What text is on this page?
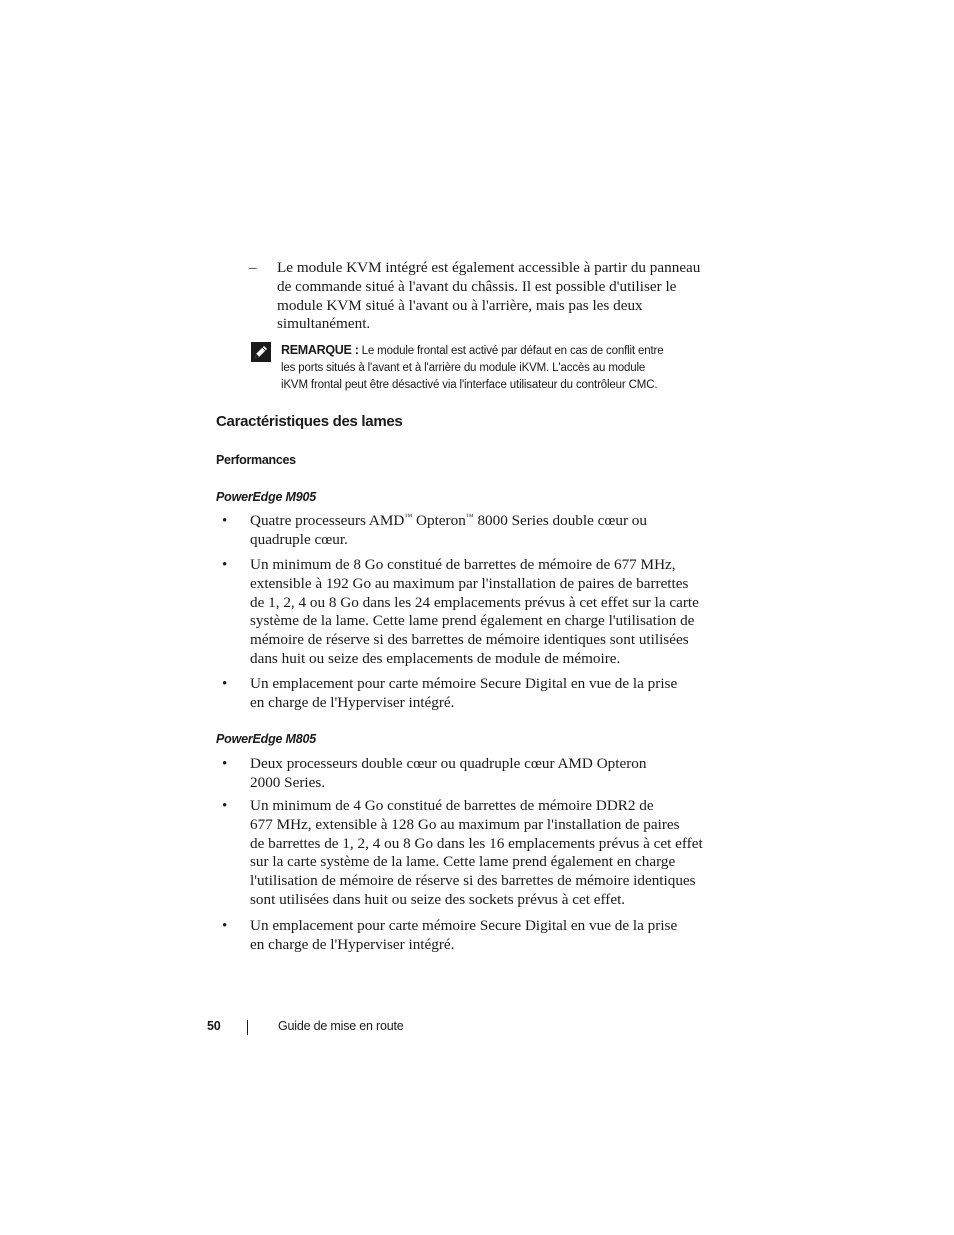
– Le module KVM intégré est également accessible à partir du panneau
de commande situé à l'avant du châssis. Il est possible d'utiliser le
module KVM situé à l'avant ou à l'arrière, mais pas les deux
simultanément.
REMARQUE : Le module frontal est activé par défaut en cas de conflit entre
les ports situés à l'avant et à l'arrière du module iKVM. L'accès au module
iKVM frontal peut être désactivé via l'interface utilisateur du contrôleur CMC.
Caractéristiques des lames
Performances
PowerEdge M905
• Quatre processeurs AMD™ Opteron™ 8000 Series double cœur ou
quadruple cœur.
• Un minimum de 8 Go constitué de barrettes de mémoire de 677 MHz,
extensible à 192 Go au maximum par l'installation de paires de barrettes
de 1, 2, 4 ou 8 Go dans les 24 emplacements prévus à cet effet sur la carte
système de la lame. Cette lame prend également en charge l'utilisation de
mémoire de réserve si des barrettes de mémoire identiques sont utilisées
dans huit ou seize des emplacements de module de mémoire.
• Un emplacement pour carte mémoire Secure Digital en vue de la prise
en charge de l'Hyperviser intégré.
PowerEdge M805
• Deux processeurs double cœur ou quadruple cœur AMD Opteron
2000 Series.
• Un minimum de 4 Go constitué de barrettes de mémoire DDR2 de
677 MHz, extensible à 128 Go au maximum par l'installation de paires
de barrettes de 1, 2, 4 ou 8 Go dans les 16 emplacements prévus à cet effet
sur la carte système de la lame. Cette lame prend également en charge
l'utilisation de mémoire de réserve si des barrettes de mémoire identiques
sont utilisées dans huit ou seize des sockets prévus à cet effet.
• Un emplacement pour carte mémoire Secure Digital en vue de la prise
en charge de l'Hyperviser intégré.
50	Guide de mise en route
